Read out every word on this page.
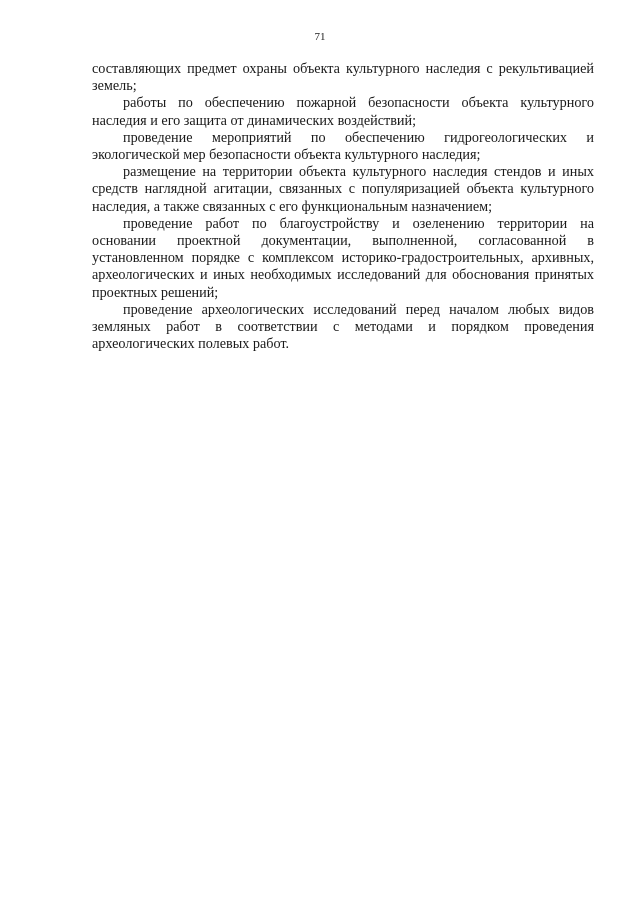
71

составляющих предмет охраны объекта культурного наследия с рекультивацией земель;

работы по обеспечению пожарной безопасности объекта культурного наследия и его защита от динамических воздействий;

проведение мероприятий по обеспечению гидрогеологических и экологической мер безопасности объекта культурного наследия;

размещение на территории объекта культурного наследия стендов и иных средств наглядной агитации, связанных с популяризацией объекта культурного наследия, а также связанных с его функциональным назначением;

проведение работ по благоустройству и озеленению территории на основании проектной документации, выполненной, согласованной в установленном порядке с комплексом историко-градостроительных, архивных, археологических и иных необходимых исследований для обоснования принятых проектных решений;

проведение археологических исследований перед началом любых видов земляных работ в соответствии с методами и порядком проведения археологических полевых работ.
